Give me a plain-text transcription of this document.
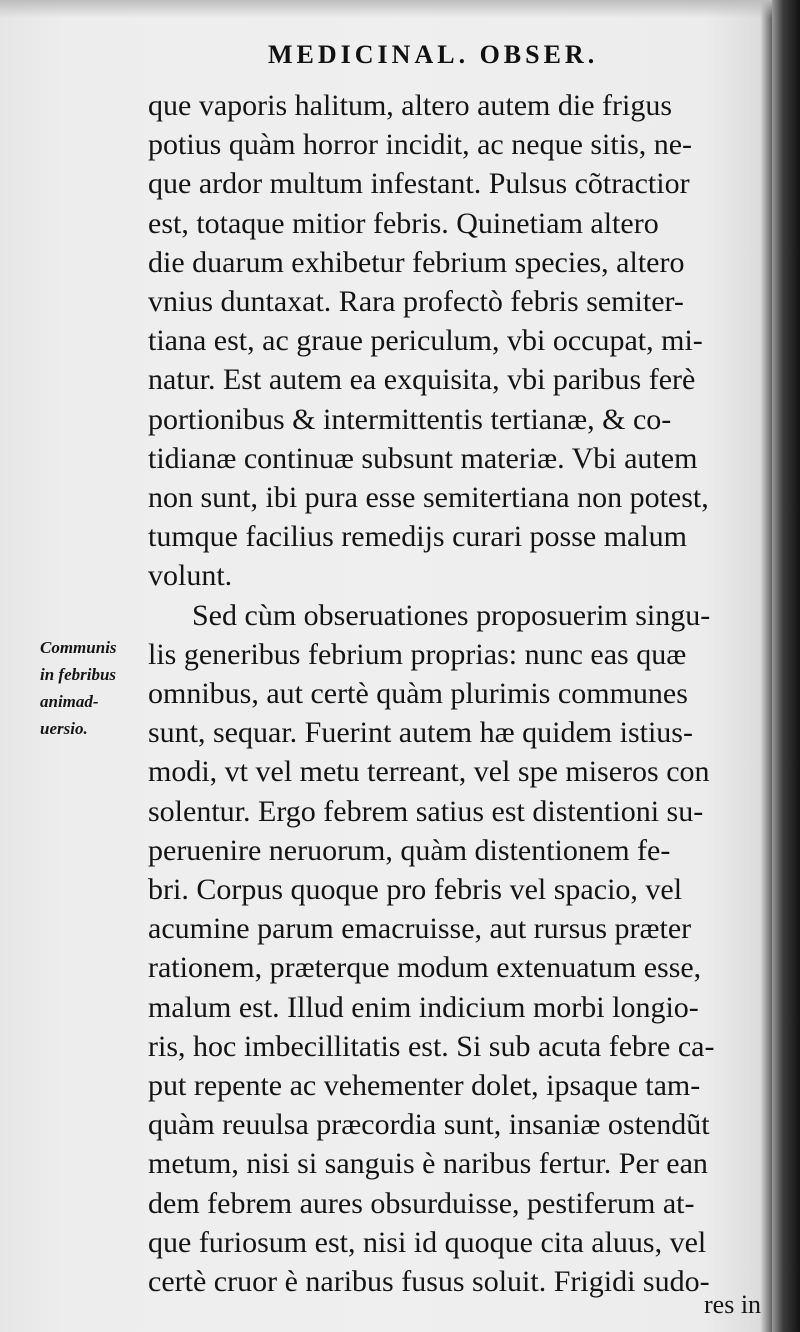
MEDICINAL. OBSER.
Communis
in febribus
animad-
uersio.
que vaporis halitum, altero autem die frigus
potius quàm horror incidit, ac neque sitis, ne-
que ardor multum infestant. Pulsus cõtractior
est, totaque mitior febris. Quinetiam altero
die duarum exhibetur febrium species, altero
vnius duntaxat. Rara profectò febris semiter-
tiana est, ac graue periculum, vbi occupat, mi-
natur. Est autem ea exquisita, vbi paribus ferè
portionibus & intermittentis tertianæ, & co-
tidianæ continuæ subsunt materiæ. Vbi autem
non sunt, ibi pura esse semitertiana non potest,
tumque facilius remedijs curari posse malum
volunt.
Sed cùm obseruationes proposuerim singu-
lis generibus febrium proprias: nunc eas quæ
omnibus, aut certè quàm plurimis communes
sunt, sequar. Fuerint autem hæ quidem istius-
modi, vt vel metu terreant, vel spe miseros con
solentur. Ergo febrem satius est distentioni su-
peruenire neruorum, quàm distentionem fe-
bri. Corpus quoque pro febris vel spacio, vel
acumine parum emacruisse, aut rursus præter
rationem, præterque modum extenuatum esse,
malum est. Illud enim indicium morbi longio-
ris, hoc imbecillitatis est. Si sub acuta febre ca-
put repente ac vehementer dolet, ipsaque tam-
quàm reuulsa præcordia sunt, insaniæ ostendũt
metum, nisi si sanguis è naribus fertur. Per ean
dem febrem aures obsurduisse, pestiferum at-
que furiosum est, nisi id quoque cita aluus, vel
certè cruor è naribus fusus soluit. Frigidi sudo-
res in
